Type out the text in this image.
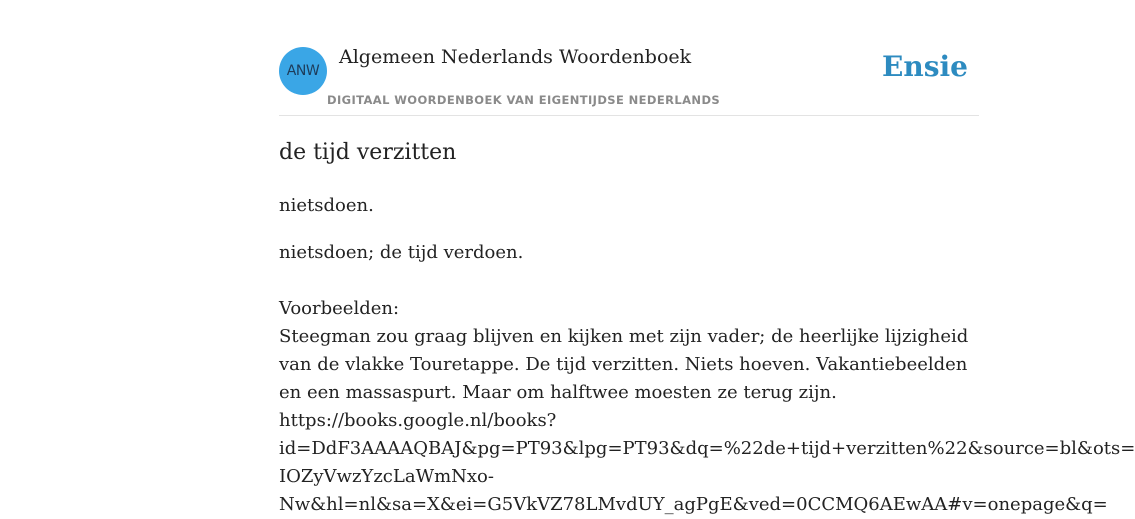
ANW
Algemeen Nederlands Woordenboek
DIGITAAL WOORDENBOEK VAN EIGENTIJDSE NEDERLANDS
Ensie
de tijd verzitten
nietsdoen.
nietsdoen; de tijd verdoen.
Voorbeelden:
Steegman zou graag blijven en kijken met zijn vader; de heerlijke lijzigheid van de vlakke Touretappe. De tijd verzitten. Niets hoeven. Vakantiebeelden en een massaspurt. Maar om halftwee moesten ze terug zijn.
https://books.google.nl/books?
id=DdF3AAAAQBAJ&pg=PT93&lpg=PT93&dq=%22de+tijd+verzitten%22&source=bl&ots=
IOZyVwzYzcLaWmNxo-
Nw&hl=nl&sa=X&ei=G5VkVZ78LMvdUY_agPgE&ved=0CCMQ6AEwAA#v=onepage&q=
